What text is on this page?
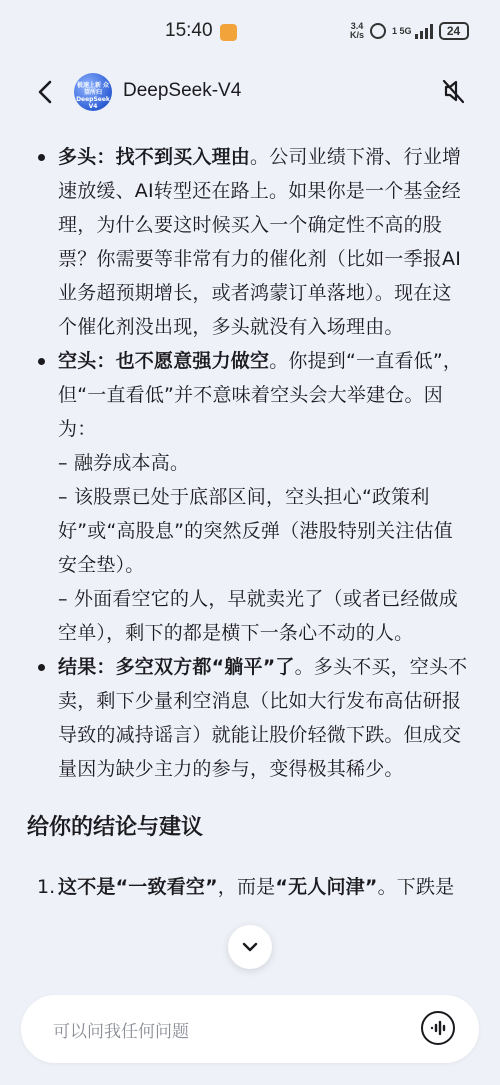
15:40	3.4
K/s	1 5G	24
极速上新 众望所归 DeepSeek V4
DeepSeek-V4

多头：找不到买入理由。公司业绩下滑、行业增速放缓、AI转型还在路上。如果你是一个基金经理，为什么要这时候买入一个确定性不高的股票？你需要等非常有力的催化剂（比如一季报AI业务超预期增长，或者鸿蒙订单落地）。现在这个催化剂没出现，多头就没有入场理由。

空头：也不愿意强力做空。你提到“一直看低”，但“一直看低”并不意味着空头会大举建仓。因为：

– 融券成本高。

– 该股票已处于底部区间，空头担心“政策利好”或“高股息”的突然反弹（港股特别关注估值安全垫）。

– 外面看空它的人，早就卖光了（或者已经做成空单），剩下的都是横下一条心不动的人。

结果：多空双方都“躺平”了。多头不买，空头不卖，剩下少量利空消息（比如大行发布高估研报导致的减持谣言）就能让股价轻微下跌。但成交量因为缺少主力的参与，变得极其稀少。

给你的结论与建议
1. 这不是“一致看空”，而是“无人问津”。下跌是

可以问我任何问题
